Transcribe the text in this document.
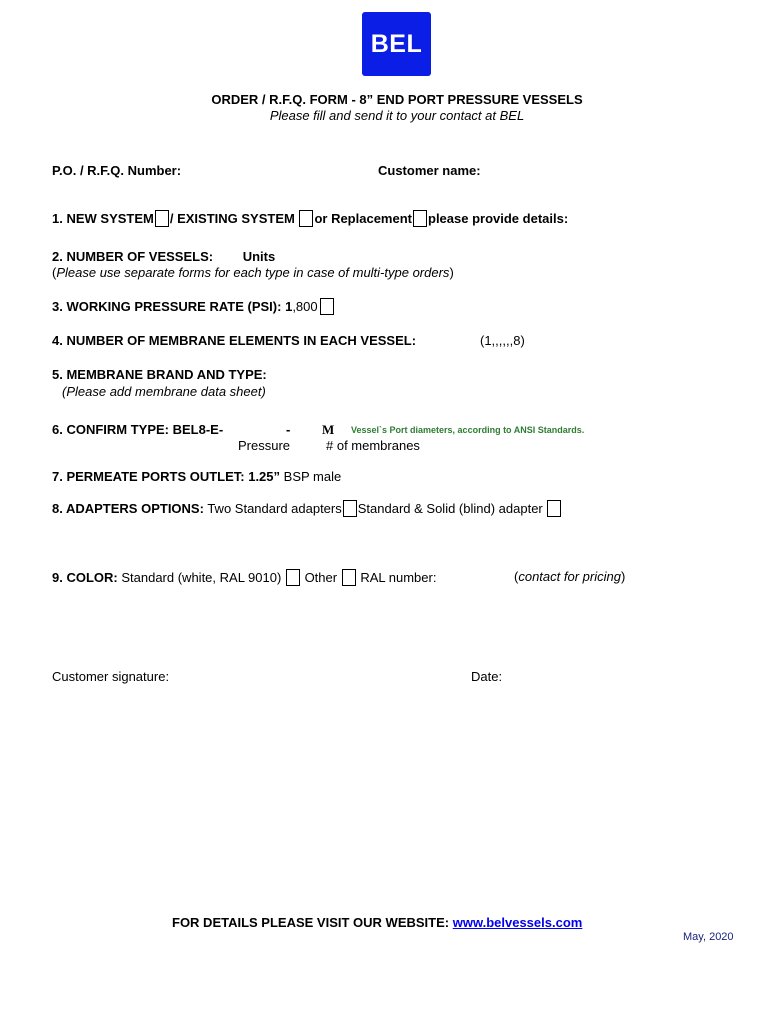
BEL
ORDER / R.F.Q. FORM - 8” END PORT PRESSURE VESSELS
Please fill and send it to your contact at BEL
P.O. / R.F.Q. Number:	Customer name:
1. NEW SYSTEM / EXISTING SYSTEM or Replacement please provide details:
2. NUMBER OF VESSELS: Units
(Please use separate forms for each type in case of multi-type orders)
3. WORKING PRESSURE RATE (PSI): 1,800
4. NUMBER OF MEMBRANE ELEMENTS IN EACH VESSEL:	(1,,,,,,8)
5. MEMBRANE BRAND AND TYPE:
(Please add membrane data sheet)
6. CONFIRM TYPE: BEL8-E-	- M Vessel`s Port diameters, according to ANSI Standards.
Pressure	# of membranes
7. PERMEATE PORTS OUTLET: 1.25” BSP male
8. ADAPTERS OPTIONS: Two Standard adapters Standard & Solid (blind) adapter
9. COLOR: Standard (white, RAL 9010) Other RAL number:	(contact for pricing)
Customer signature:	Date:
FOR DETAILS PLEASE VISIT OUR WEBSITE: www.belvessels.com
May, 2020
